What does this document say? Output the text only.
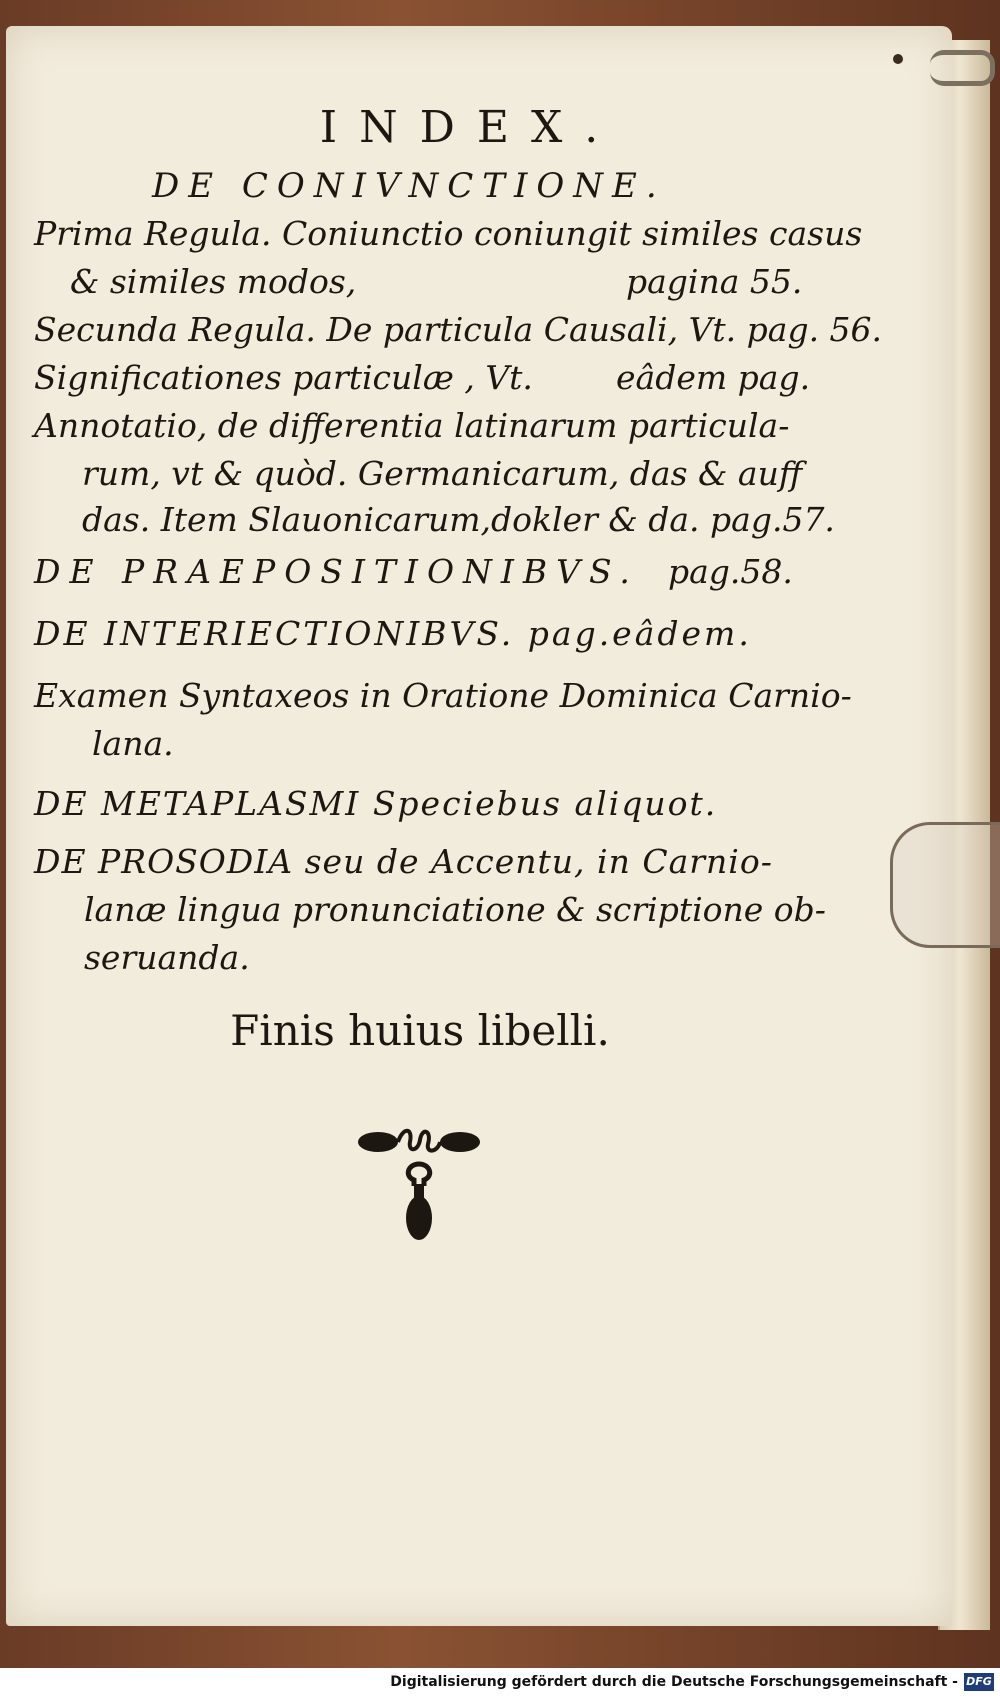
INDEX.
DE CONIVNCTIONE.
Prima Regula. Coniunctio coniungit similes casus
& similes modos,	pagina 55.
Secunda Regula. De particula Causali, Vt. pag. 56.
Significationes particulæ , Vt.	eâdem pag.
Annotatio, de differentia latinarum particula-
rum, vt & quòd. Germanicarum, das & auff
das. Item Slauonicarum,dokler & da. pag.57.
DE PRAEPOSITIONIBVS. pag.58.
DE INTERIECTIONIBVS. pag.eâdem.
Examen Syntaxeos in Oratione Dominica Carnio-
lana.
DE METAPLASMI Speciebus aliquot.
DE PROSODIA seu de Accentu, in Carnio-
lanæ lingua pronunciatione & scriptione ob-
seruanda.
Finis huius libelli.
Digitalisierung gefördert durch die Deutsche Forschungsgemeinschaft - DFG
